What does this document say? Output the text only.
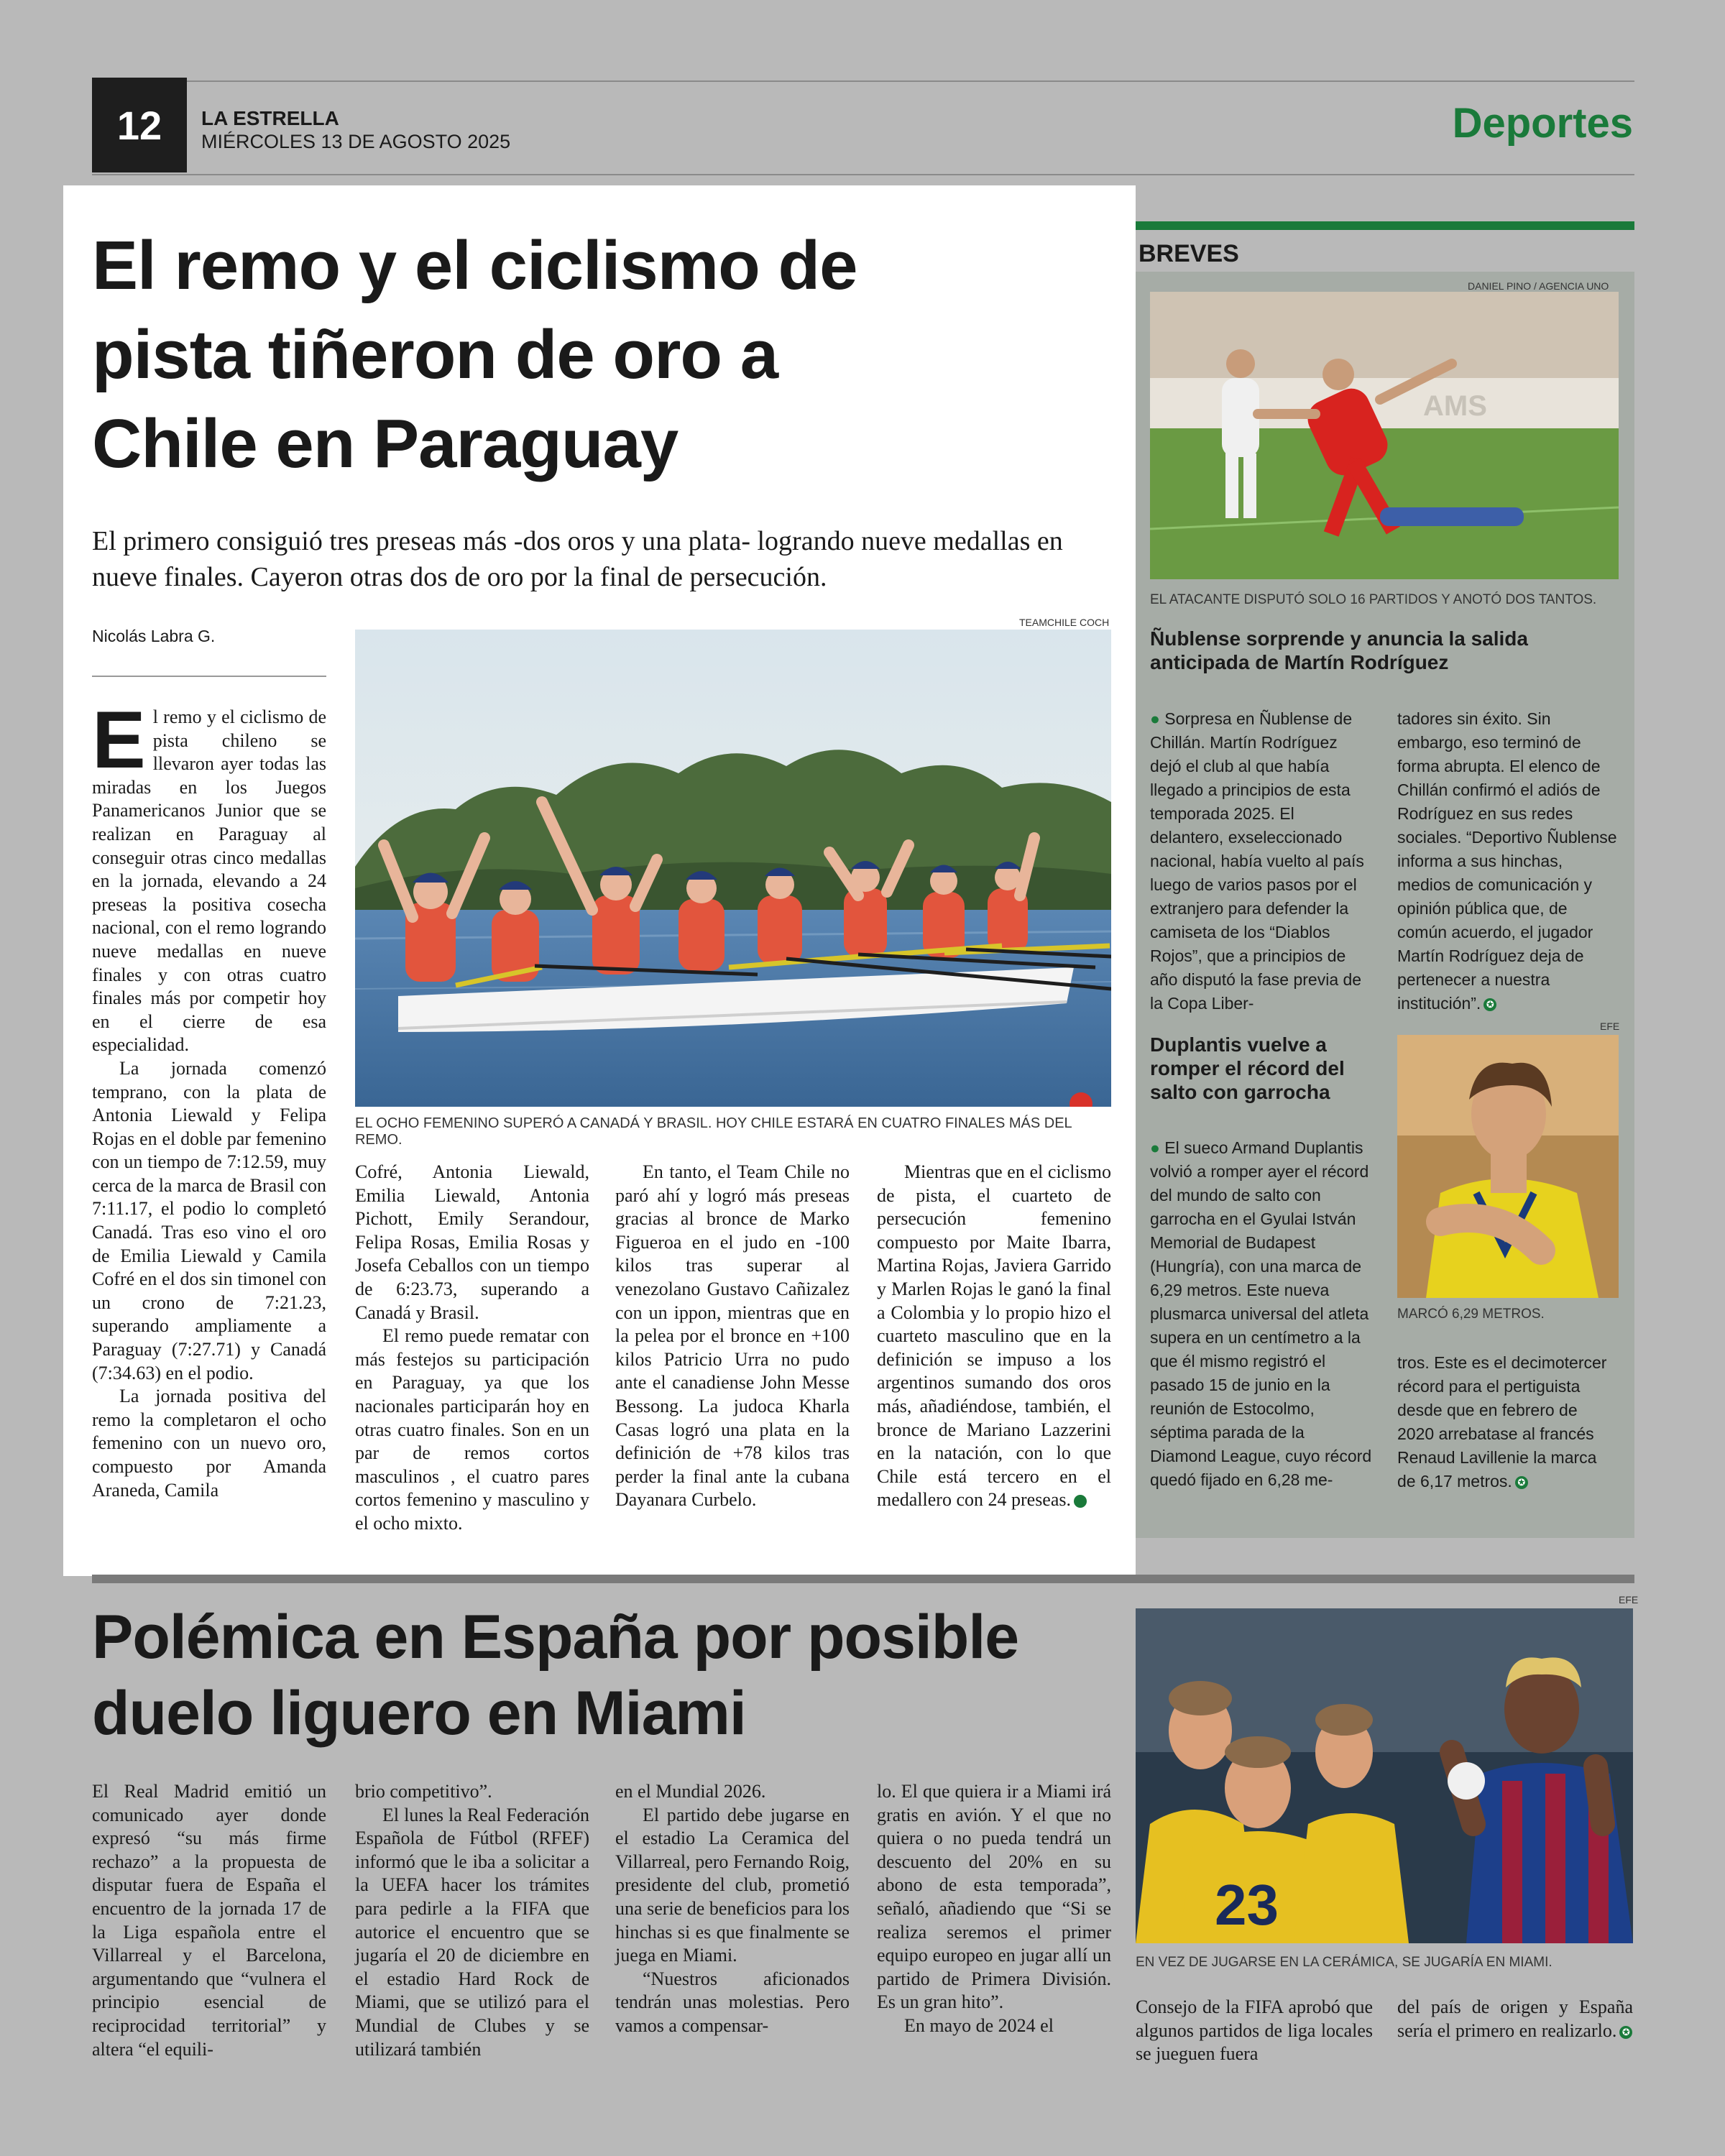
12	LA ESTRELLA
MIÉRCOLES 13 DE AGOSTO 2025	Deportes
El remo y el ciclismo de
pista tiñeron de oro a
Chile en Paraguay
El primero consiguió tres preseas más -dos oros y una plata- logrando nueve medallas en nueve finales. Cayeron otras dos de oro por la final de persecución.
Nicolás Labra G.
TEAMCHILE COCH
EL OCHO FEMENINO SUPERÓ A CANADÁ Y BRASIL. HOY CHILE ESTARÁ EN CUATRO FINALES MÁS DEL REMO.
E l remo y el ciclismo de pista chileno se llevaron ayer todas las miradas en los Juegos Panamericanos Junior que se realizan en Paraguay al conseguir otras cinco medallas en la jornada, elevando a 24 preseas la positiva cosecha nacional, con el remo logrando nueve medallas en nueve finales y con otras cuatro finales más por competir hoy en el cierre de esa especialidad.

La jornada comenzó temprano, con la plata de Antonia Liewald y Felipa Rojas en el doble par femenino con un tiempo de 7:12.59, muy cerca de la marca de Brasil con 7:11.17, el podio lo completó Canadá. Tras eso vino el oro de Emilia Liewald y Camila Cofré en el dos sin timonel con un crono de 7:21.23, superando ampliamente a Paraguay (7:27.71) y Canadá (7:34.63) en el podio.

La jornada positiva del remo la completaron el ocho femenino con un nuevo oro, compuesto por Amanda Araneda, Camila

Cofré, Antonia Liewald, Emilia Liewald, Antonia Pichott, Emily Serandour, Felipa Rosas, Emilia Rosas y Josefa Ceballos con un tiempo de 6:23.73, superando a Canadá y Brasil.

El remo puede rematar con más festejos su participación en Paraguay, ya que los nacionales participarán hoy en otras cuatro finales. Son en un par de remos cortos masculinos , el cuatro pares cortos femenino y masculino y el ocho mixto.

En tanto, el Team Chile no paró ahí y logró más preseas gracias al bronce de Marko Figueroa en el judo en -100 kilos tras superar al venezolano Gustavo Cañizalez con un ippon, mientras que en la pelea por el bronce en +100 kilos Patricio Urra no pudo ante el canadiense John Messe Bessong. La judoca Kharla Casas logró una plata en la definición de +78 kilos tras perder la final ante la cubana Dayanara Curbelo.

Mientras que en el ciclismo de pista, el cuarteto de persecución femenino compuesto por Maite Ibarra, Martina Rojas, Javiera Garrido y Marlen Rojas le ganó la final a Colombia y lo propio hizo el cuarteto masculino que en la definición se impuso a los argentinos sumando dos oros más, añadiéndose, también, el bronce de Mariano Lazzerini en la natación, con lo que Chile está tercero en el medallero con 24 preseas.	✪

BREVES
DANIEL PINO / AGENCIA UNO
AMS
EL ATACANTE DISPUTÓ SOLO 16 PARTIDOS Y ANOTÓ DOS TANTOS.
Ñublense sorprende y anuncia la salida anticipada de Martín Rodríguez
● Sorpresa en Ñublense de Chillán. Martín Rodríguez dejó el club al que había llegado a principios de esta temporada 2025. El delantero, exseleccionado nacional, había vuelto al país luego de varios pasos por el extranjero para defender la camiseta de los “Diablos Rojos”, que a principios de año disputó la fase previa de la Copa Liber-
tadores sin éxito. Sin embargo, eso terminó de forma abrupta. El elenco de Chillán confirmó el adiós de Rodríguez en sus redes sociales. “Deportivo Ñublense informa a sus hinchas, medios de comunicación y opinión pública que, de común acuerdo, el jugador Martín Rodríguez deja de pertenecer a nuestra institución”. ✪
Duplantis vuelve a romper el récord del salto con garrocha
EFE
MARCÓ 6,29 METROS.
● El sueco Armand Duplantis volvió a romper ayer el récord del mundo de salto con garrocha en el Gyulai István Memorial de Budapest (Hungría), con una marca de 6,29 metros. Este nueva plusmarca universal del atleta supera en un centímetro a la que él mismo registró el pasado 15 de junio en la reunión de Estocolmo, séptima parada de la Diamond League, cuyo récord quedó fijado en 6,28 me-
tros. Este es el decimotercer récord para el pertiguista desde que en febrero de 2020 arrebatase al francés Renaud Lavillenie la marca de 6,17 metros. ✪
Polémica en España por posible
duelo liguero en Miami
EFE
23
EN VEZ DE JUGARSE EN LA CERÁMICA, SE JUGARÍA EN MIAMI.

El Real Madrid emitió un comunicado ayer donde expresó “su más firme rechazo” a la propuesta de disputar fuera de España el encuentro de la jornada 17 de la Liga española entre el Villarreal y el Barcelona, argumentando que “vulnera el principio esencial de reciprocidad territorial” y altera “el equili-

brio competitivo”.

El lunes la Real Federación Española de Fútbol (RFEF) informó que le iba a solicitar a la UEFA hacer los trámites para pedirle a la FIFA que autorice el encuentro que se jugaría el 20 de diciembre en el estadio Hard Rock de Miami, que se utilizó para el Mundial de Clubes y se utilizará también

en el Mundial 2026.

El partido debe jugarse en el estadio La Ceramica del Villarreal, pero Fernando Roig, presidente del club, prometió una serie de beneficios para los hinchas si es que finalmente se juega en Miami.

“Nuestros aficionados tendrán unas molestias. Pero vamos a compensar-

lo. El que quiera ir a Miami irá gratis en avión. Y el que no quiera o no pueda tendrá un descuento del 20% en su abono de esta temporada”, señaló, añadiendo que “Si se realiza seremos el primer equipo europeo en jugar allí un partido de Primera División. Es un gran hito”.

En mayo de 2024 el

Consejo de la FIFA aprobó que algunos partidos de liga locales se jueguen fuera

del país de origen y España sería el primero en realizarlo. ✪
